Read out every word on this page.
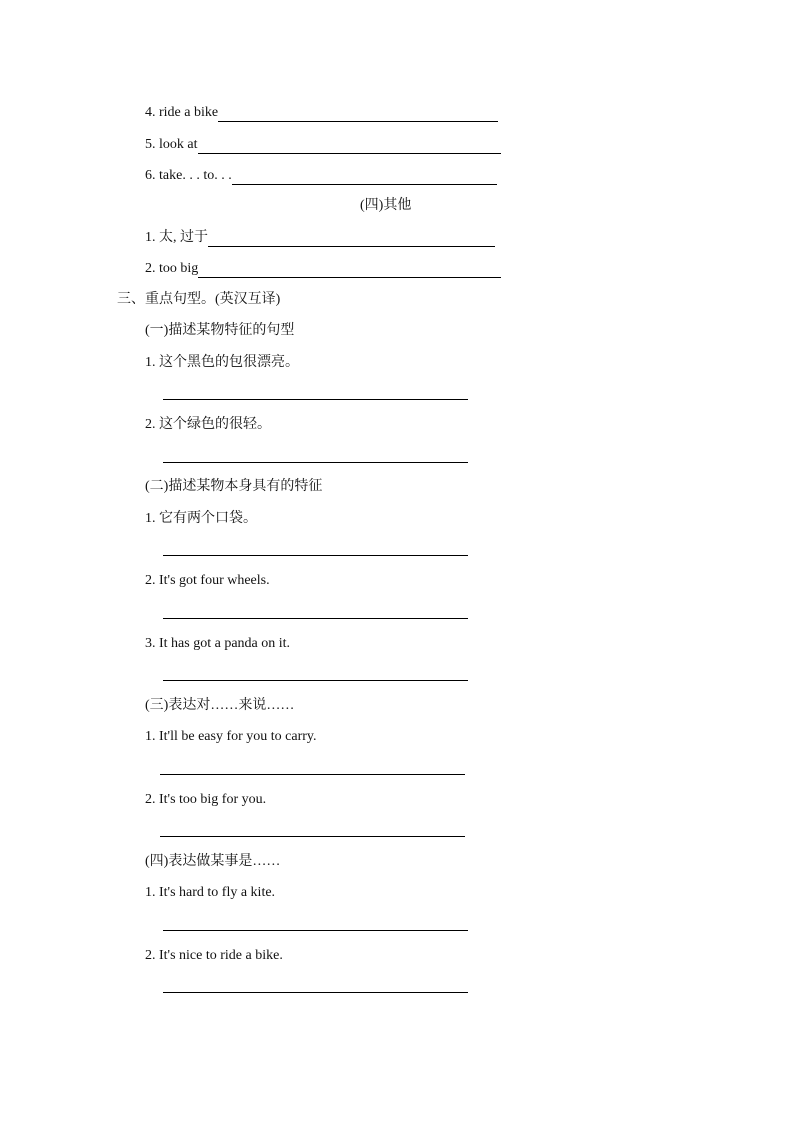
4. ride a bike
5. look at
6. take. . . to. . .
(四)其他
1. 太, 过于
2. too big
三、重点句型。(英汉互译)
(一)描述某物特征的句型
1. 这个黑色的包很漂亮。
2. 这个绿色的很轻。
(二)描述某物本身具有的特征
1. 它有两个口袋。
2. It's got four wheels.
3. It has got a panda on it.
(三)表达对……来说……
1. It'll be easy for you to carry.
2. It's too big for you.
(四)表达做某事是……
1. It's hard to fly a kite.
2. It's nice to ride a bike.
